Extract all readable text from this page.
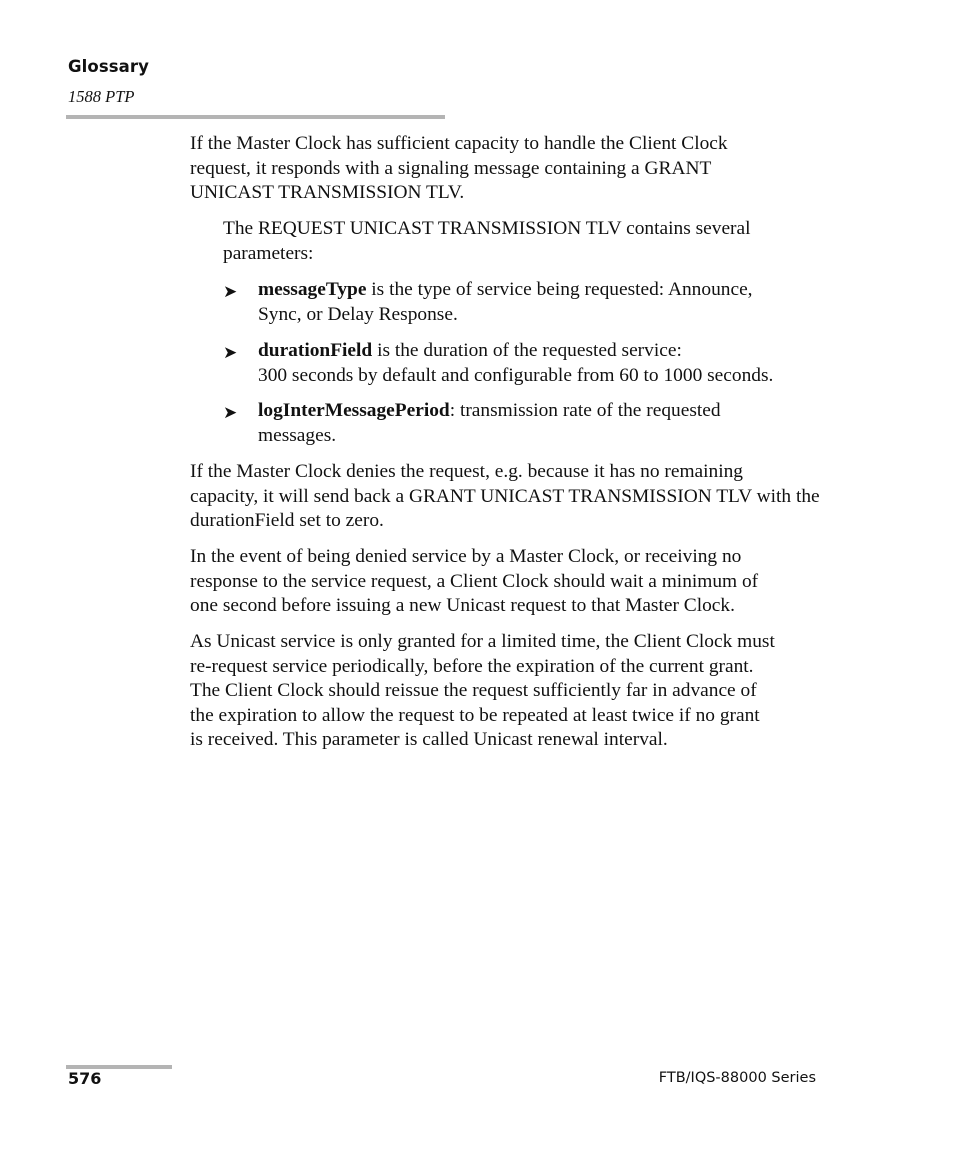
Glossary
1588 PTP

If the Master Clock has sufficient capacity to handle the Client Clock

request, it responds with a signaling message containing a GRANT

UNICAST TRANSMISSION TLV.

The REQUEST UNICAST TRANSMISSION TLV contains several

parameters:

➤ messageType is the type of service being requested: Announce,

Sync, or Delay Response.

➤ durationField is the duration of the requested service:

300 seconds by default and configurable from 60 to 1000 seconds.

➤ logInterMessagePeriod: transmission rate of the requested

messages.

If the Master Clock denies the request, e.g. because it has no remaining

capacity, it will send back a GRANT UNICAST TRANSMISSION TLV with the

durationField set to zero.

In the event of being denied service by a Master Clock, or receiving no

response to the service request, a Client Clock should wait a minimum of

one second before issuing a new Unicast request to that Master Clock.

As Unicast service is only granted for a limited time, the Client Clock must

re-request service periodically, before the expiration of the current grant.

The Client Clock should reissue the request sufficiently far in advance of

the expiration to allow the request to be repeated at least twice if no grant

is received. This parameter is called Unicast renewal interval.

576	FTB/IQS-88000 Series
